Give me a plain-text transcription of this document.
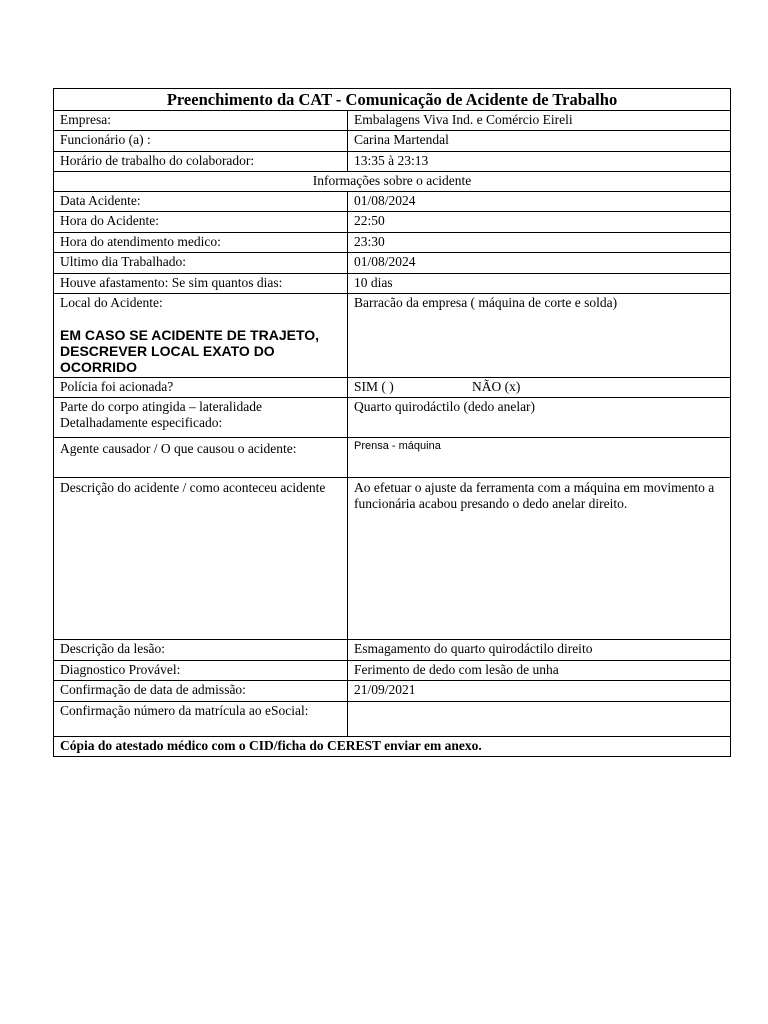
Preenchimento da CAT - Comunicação de Acidente de Trabalho	
Empresa:	Embalagens Viva Ind. e Comércio Eireli
Funcionário (a) :	Carina Martendal
Horário de trabalho do colaborador:	13:35 à 23:13
Informações sobre o acidente	
Data Acidente:	01/08/2024
Hora do Acidente:	22:50
Hora do atendimento medico:	23:30
Ultimo dia Trabalhado:	01/08/2024
Houve afastamento: Se sim quantos dias:	10 dias
Local do Acidente:
EM CASO SE ACIDENTE DE TRAJETO, DESCREVER LOCAL EXATO DO OCORRIDO	Barracão da empresa ( máquina de corte e solda)
Polícia foi acionada?	SIM ( ) NÃO (x)
Parte do corpo atingida – lateralidade
Detalhadamente especificado:	Quarto quirodáctilo (dedo anelar)
Agente causador / O que causou o acidente:	Prensa - máquina
Descrição do acidente / como aconteceu acidente	Ao efetuar o ajuste da ferramenta com a máquina em movimento a funcionária acabou presando o dedo anelar direito.
Descrição da lesão:	Esmagamento do quarto quirodáctilo direito
Diagnostico Provável:	Ferimento de dedo com lesão de unha
Confirmação de data de admissão:	21/09/2021
Confirmação número da matrícula ao eSocial:	
Cópia do atestado médico com o CID/ficha do CEREST enviar em anexo.	
